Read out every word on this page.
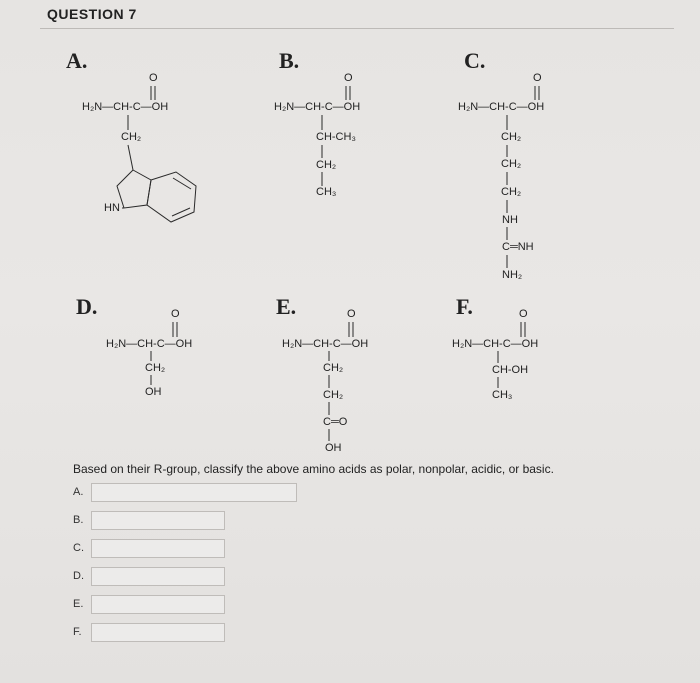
QUESTION 7
A.
O
H₂N—CH-C—OH
CH₂
HN
B.
O
H₂N—CH-C—OH
CH-CH₃
CH₂
CH₃
C.
O
H₂N—CH-C—OH
CH₂
CH₂
CH₂
NH
C═NH
NH₂
D.	O
H₂N—CH-C—OH
CH₂
OH
E.	O
H₂N—CH-C—OH
CH₂
CH₂
C═O
OH
F.	O
H₂N—CH-C—OH
CH-OH
CH₃
Based on their R-group, classify the above amino acids as polar, nonpolar, acidic, or basic.
A.
B.
C.
D.
E.
F.
